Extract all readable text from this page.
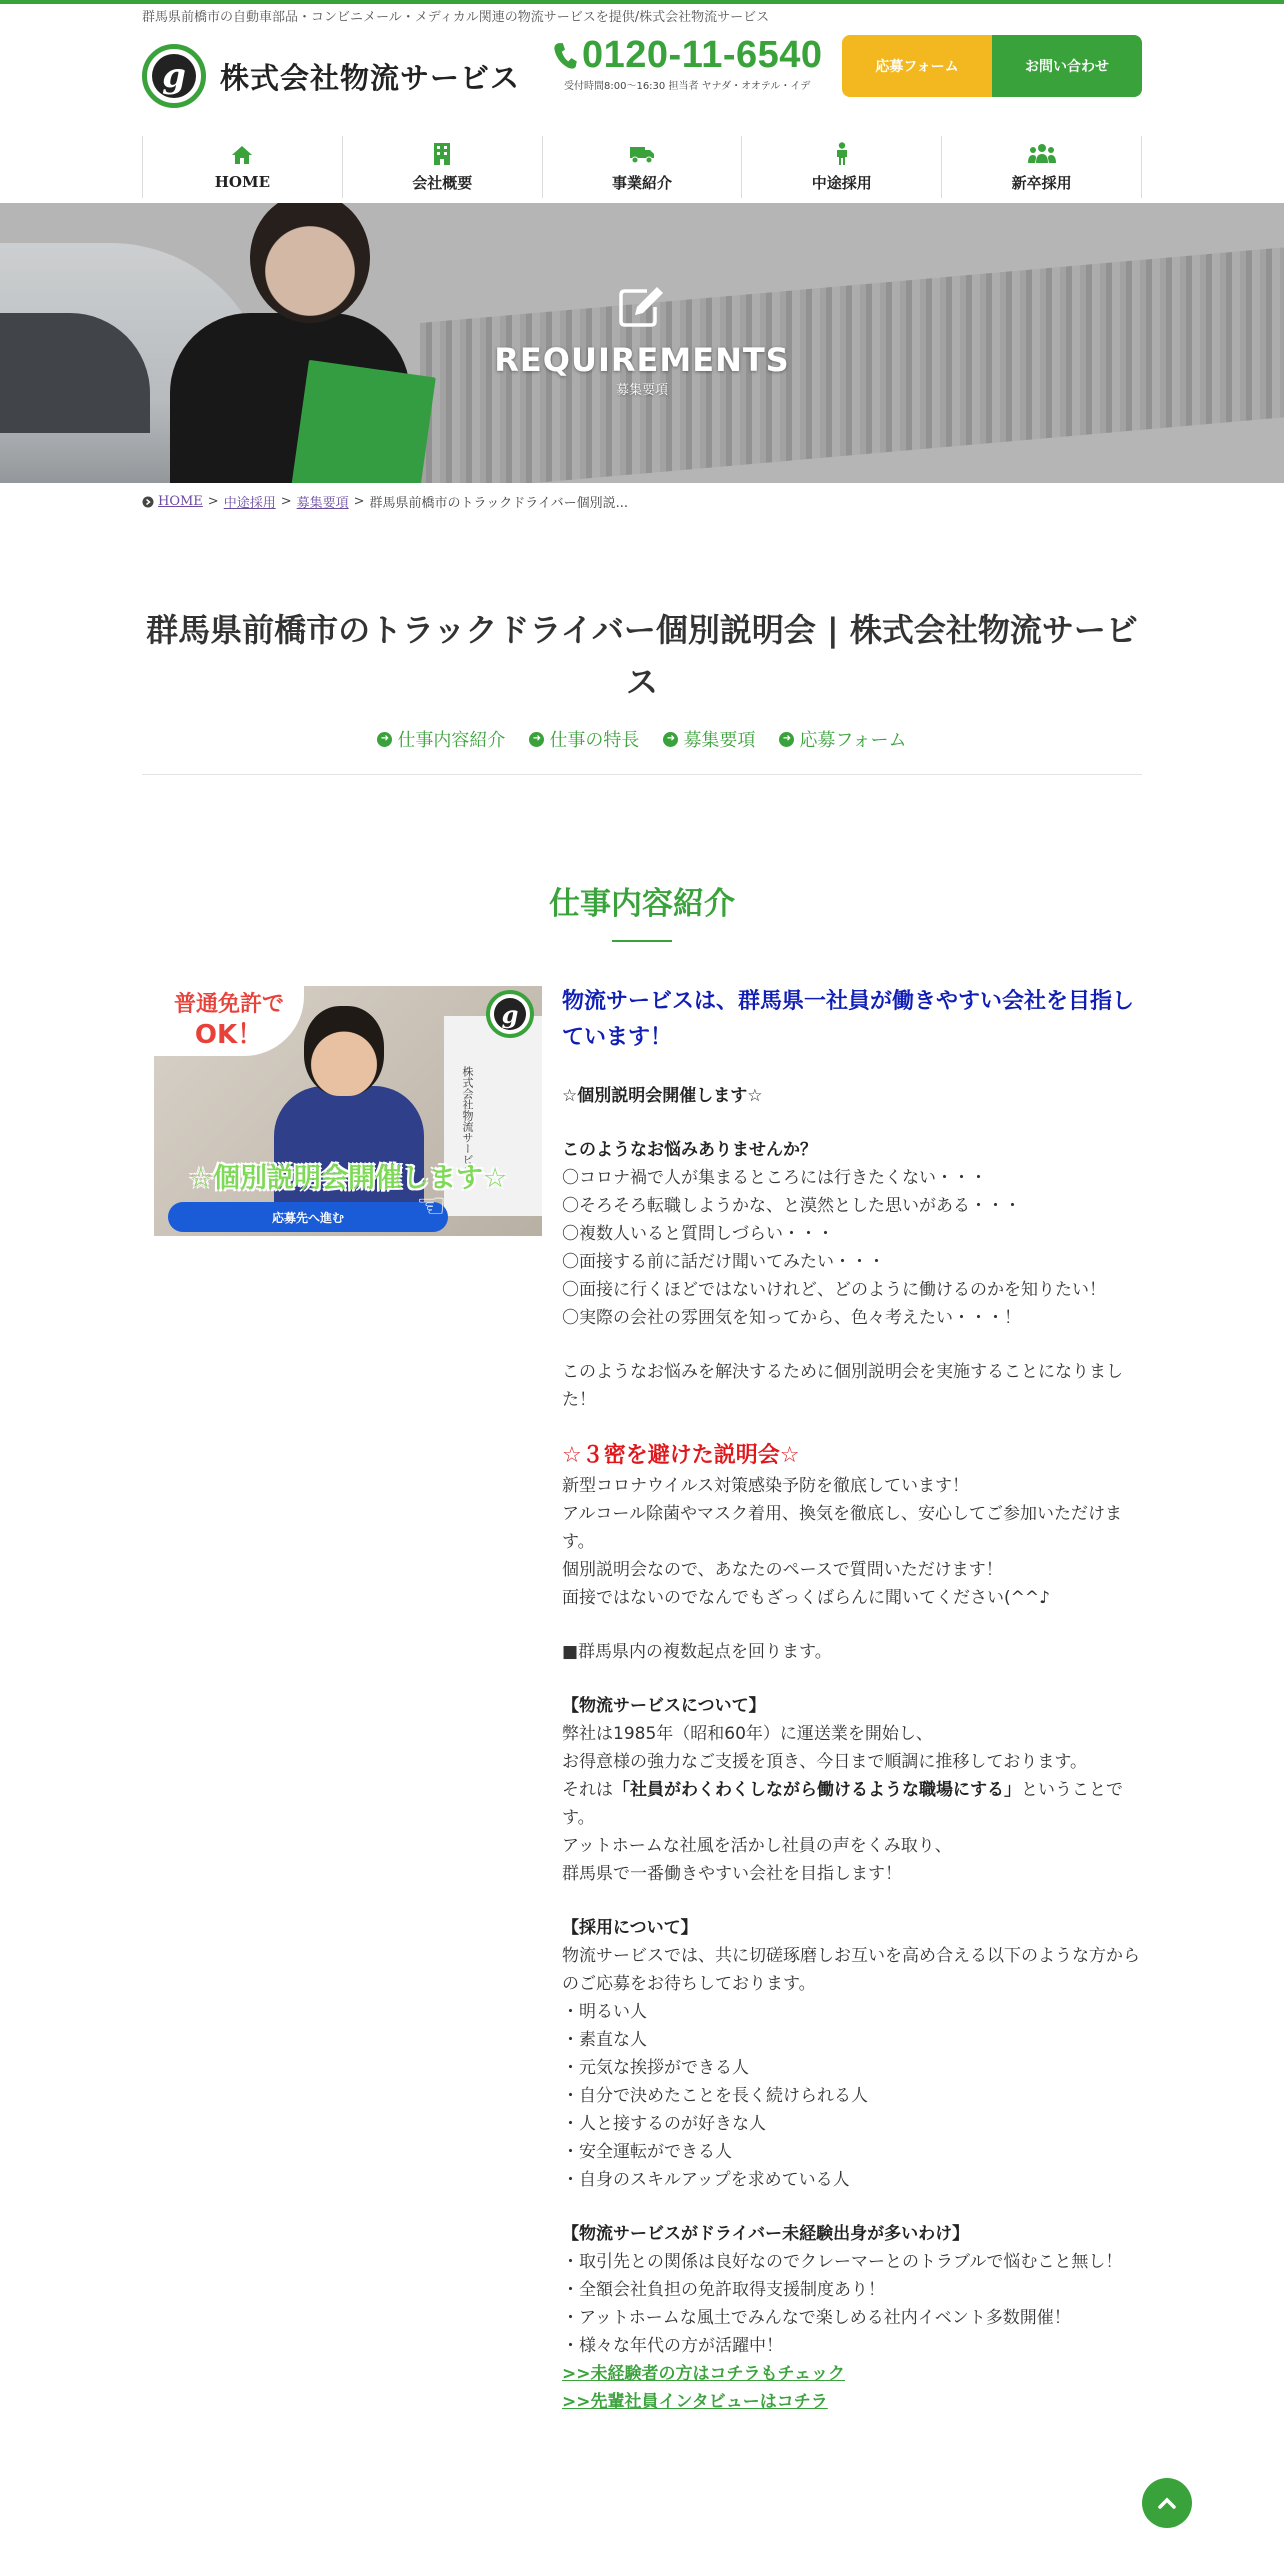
群馬県前橋市の自動車部品・コンビニメール・メディカル関連の物流サービスを提供/株式会社物流サービス
g	株式会社物流サービス
0120-11-6540
受付時間8:00〜16:30 担当者 ヤナダ・オオテル・イデ
応募フォーム	お問い合わせ
HOME	会社概要	事業紹介	中途採用	新卒採用
REQUIREMENTS
募集要項
HOME > 中途採用 > 募集要項 > 群馬県前橋市のトラックドライバー個別説...
群馬県前橋市のトラックドライバー個別説明会 | 株式会社物流サービス
➜ 仕事内容紹介	➜ 仕事の特長	➜ 募集要項	➜ 応募フォーム
仕事内容紹介
株式会社物流サービス
普通免許で
OK！
g
☆個別説明会開催します☆
応募先へ進む	☜
物流サービスは、群馬県一社員が働きやすい会社を目指しています！
☆個別説明会開催します☆
このようなお悩みありませんか？
〇コロナ禍で人が集まるところには行きたくない・・・
〇そろそろ転職しようかな、と漠然とした思いがある・・・
〇複数人いると質問しづらい・・・
〇面接する前に話だけ聞いてみたい・・・
〇面接に行くほどではないけれど、どのように働けるのかを知りたい！
〇実際の会社の雰囲気を知ってから、色々考えたい・・・！
このようなお悩みを解決するために個別説明会を実施することになりました！
☆３密を避けた説明会☆
新型コロナウイルス対策感染予防を徹底しています！
アルコール除菌やマスク着用、換気を徹底し、安心してご参加いただけます。
個別説明会なので、あなたのペースで質問いただけます！
面接ではないのでなんでもざっくばらんに聞いてください(^^♪
■群馬県内の複数起点を回ります。
【物流サービスについて】
弊社は1985年（昭和60年）に運送業を開始し、
お得意様の強力なご支援を頂き、今日まで順調に推移しております。
それは「社員がわくわくしながら働けるような職場にする」ということです。
アットホームな社風を活かし社員の声をくみ取り、
群馬県で一番働きやすい会社を目指します！
【採用について】
物流サービスでは、共に切磋琢磨しお互いを高め合える以下のような方からのご応募をお待ちしております。
・明るい人
・素直な人
・元気な挨拶ができる人
・自分で決めたことを長く続けられる人
・人と接するのが好きな人
・安全運転ができる人
・自身のスキルアップを求めている人
【物流サービスがドライバー未経験出身が多いわけ】
・取引先との関係は良好なのでクレーマーとのトラブルで悩むこと無し！
・全額会社負担の免許取得支援制度あり！
・アットホームな風土でみんなで楽しめる社内イベント多数開催！
・様々な年代の方が活躍中！
>>未経験者の方はコチラもチェック
>>先輩社員インタビューはコチラ
